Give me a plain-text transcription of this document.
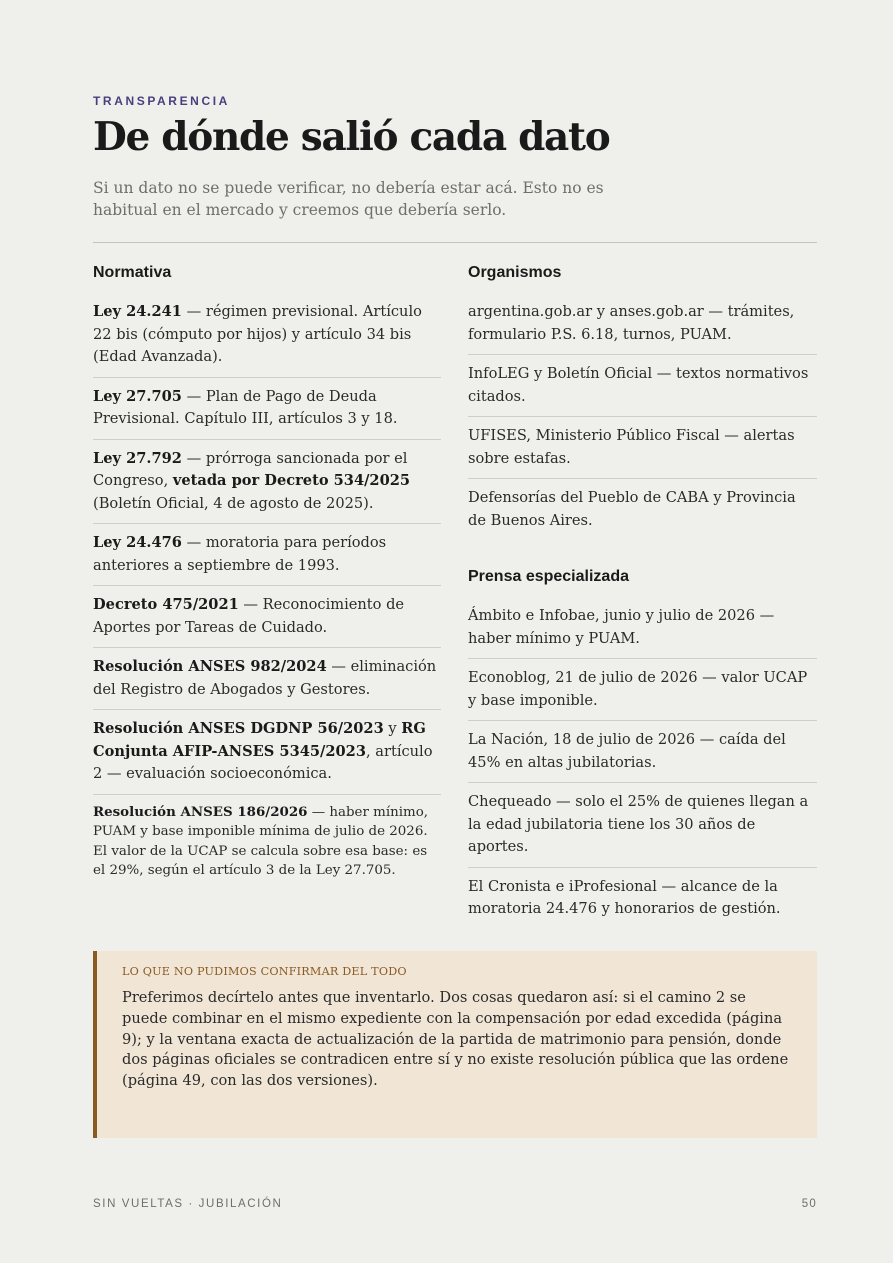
TRANSPARENCIA
De dónde salió cada dato
Si un dato no se puede verificar, no debería estar acá. Esto no es habitual en el mercado y creemos que debería serlo.
Normativa
Ley 24.241 — régimen previsional. Artículo 22 bis (cómputo por hijos) y artículo 34 bis (Edad Avanzada).
Ley 27.705 — Plan de Pago de Deuda Previsional. Capítulo III, artículos 3 y 18.
Ley 27.792 — prórroga sancionada por el Congreso, vetada por Decreto 534/2025 (Boletín Oficial, 4 de agosto de 2025).
Ley 24.476 — moratoria para períodos anteriores a septiembre de 1993.
Decreto 475/2021 — Reconocimiento de Aportes por Tareas de Cuidado.
Resolución ANSES 982/2024 — eliminación del Registro de Abogados y Gestores.
Resolución ANSES DGDNP 56/2023 y RG Conjunta AFIP-ANSES 5345/2023, artículo 2 — evaluación socioeconómica.
Resolución ANSES 186/2026 — haber mínimo, PUAM y base imponible mínima de julio de 2026. El valor de la UCAP se calcula sobre esa base: es el 29%, según el artículo 3 de la Ley 27.705.
Organismos
argentina.gob.ar y anses.gob.ar — trámites, formulario P.S. 6.18, turnos, PUAM.
InfoLEG y Boletín Oficial — textos normativos citados.
UFISES, Ministerio Público Fiscal — alertas sobre estafas.
Defensorías del Pueblo de CABA y Provincia de Buenos Aires.
Prensa especializada
Ámbito e Infobae, junio y julio de 2026 — haber mínimo y PUAM.
Econoblog, 21 de julio de 2026 — valor UCAP y base imponible.
La Nación, 18 de julio de 2026 — caída del 45% en altas jubilatorias.
Chequeado — solo el 25% de quienes llegan a la edad jubilatoria tiene los 30 años de aportes.
El Cronista e iProfesional — alcance de la moratoria 24.476 y honorarios de gestión.
LO QUE NO PUDIMOS CONFIRMAR DEL TODO
Preferimos decírtelo antes que inventarlo. Dos cosas quedaron así: si el camino 2 se puede combinar en el mismo expediente con la compensación por edad excedida (página 9); y la ventana exacta de actualización de la partida de matrimonio para pensión, donde dos páginas oficiales se contradicen entre sí y no existe resolución pública que las ordene (página 49, con las dos versiones).
SIN VUELTAS · JUBILACIÓN	50
